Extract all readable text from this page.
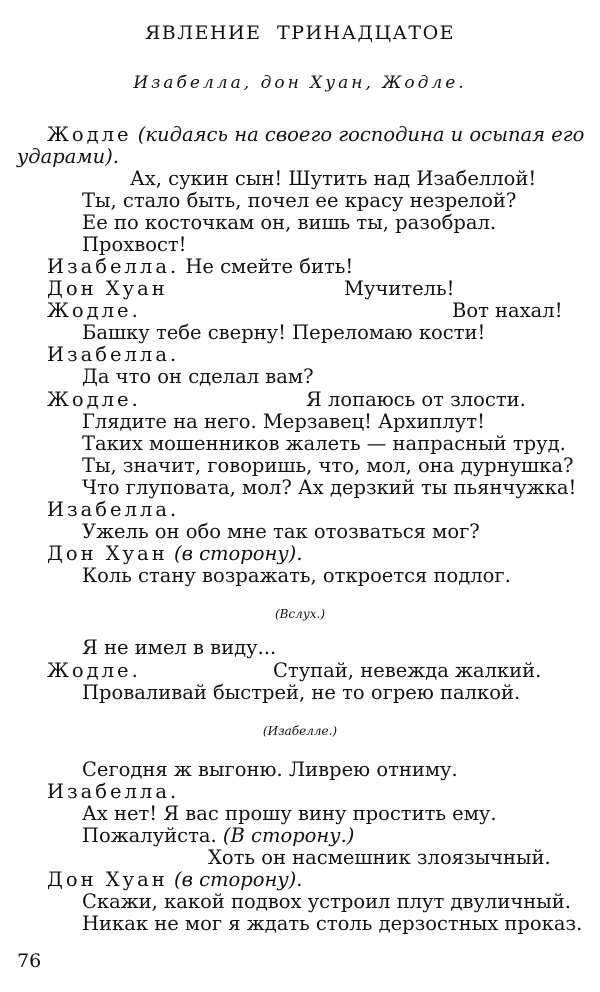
ЯВЛЕНИЕ ТРИНАДЦАТОЕ
Изабелла, дон Хуан, Жодле.
Жодле (кидаясь на своего господина и осыпая его
ударами).
Ах, сукин сын! Шутить над Изабеллой!
Ты, стало быть, почел ее красу незрелой?
Ее по косточкам он, вишь ты, разобрал.
Прохвост!
Изабелла. Не смейте бить!
Дон Хуан	Мучитель!
Жодле.	Вот нахал!
Башку тебе сверну! Переломаю кости!
Изабелла.
Да что он сделал вам?
Жодле.	Я лопаюсь от злости.
Глядите на него. Мерзавец! Архиплут!
Таких мошенников жалеть — напрасный труд.
Ты, значит, говоришь, что, мол, она дурнушка?
Что глуповата, мол? Ах дерзкий ты пьянчужка!
Изабелла.
Ужель он обо мне так отозваться мог?
Дон Хуан (в сторону).
Коль стану возражать, откроется подлог.
(Вслух.)
Я не имел в виду...
Жодле.	Ступай, невежда жалкий.
Проваливай быстрей, не то огрею палкой.
(Изабелле.)
Сегодня ж выгоню. Ливрею отниму.
Изабелла.
Ах нет! Я вас прошу вину простить ему.
Пожалуйста. (В сторону.)
Хоть он насмешник злоязычный.
Дон Хуан (в сторону).
Скажи, какой подвох устроил плут двуличный.
Никак не мог я ждать столь дерзостных проказ.
76
